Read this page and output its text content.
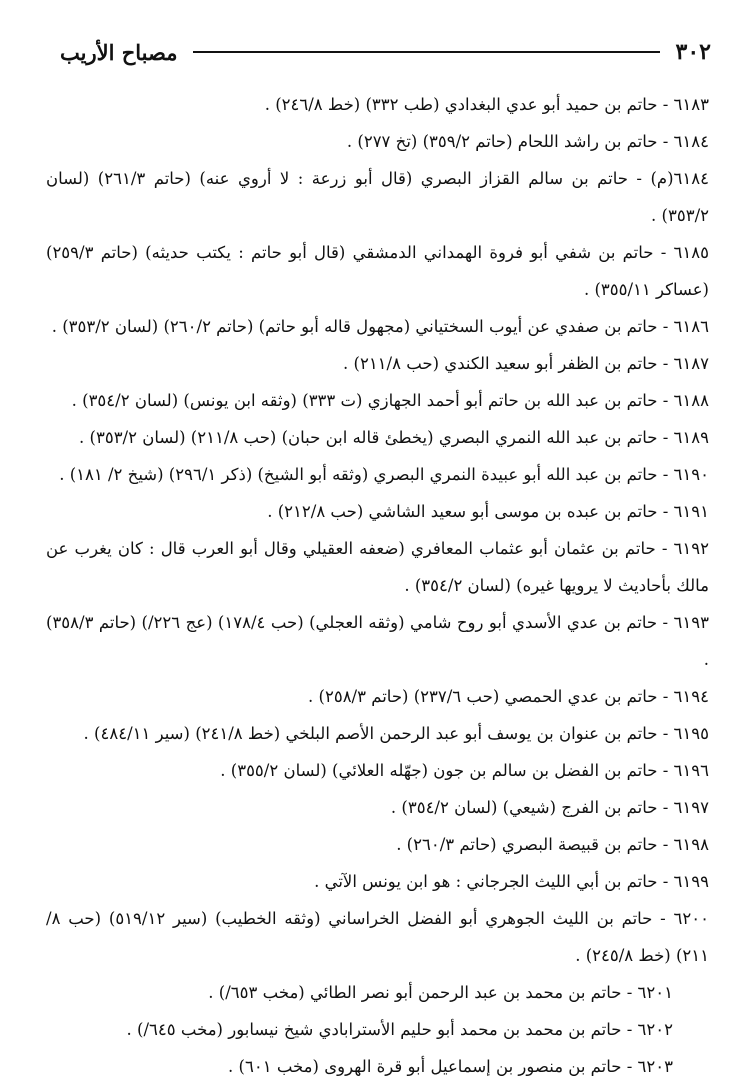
٣٠٢
مصباح الأريب

٦١٨٣ - حاتم بن حميد أبو عدي البغدادي (طب ٣٣٢) (خط ٢٤٦/٨) .

٦١٨٤ - حاتم بن راشد اللحام (حاتم ٣٥٩/٢) (تخ ٢٧٧) .

٦١٨٤(م) - حاتم بن سالم القزاز البصري (قال أبو زرعة : لا أروي عنه) (حاتم ٢٦١/٣) (لسان ٣٥٣/٢) .

٦١٨٥ - حاتم بن شفي أبو فروة الهمداني الدمشقي (قال أبو حاتم : يكتب حديثه) (حاتم ٢٥٩/٣) (عساكر ٣٥٥/١١) .

٦١٨٦ - حاتم بن صفدي عن أيوب السختياني (مجهول قاله أبو حاتم) (حاتم ٢٦٠/٢) (لسان ٣٥٣/٢) .

٦١٨٧ - حاتم بن الظفر أبو سعيد الكندي (حب ٢١١/٨) .

٦١٨٨ - حاتم بن عبد الله بن حاتم أبو أحمد الجهازي (ت ٣٣٣) (وثقه ابن يونس) (لسان ٣٥٤/٢) .

٦١٨٩ - حاتم بن عبد الله النمري البصري (يخطئ قاله ابن حبان) (حب ٢١١/٨) (لسان ٣٥٣/٢) .

٦١٩٠ - حاتم بن عبد الله أبو عبيدة النمري البصري (وثقه أبو الشيخ) (ذكر ٢٩٦/١) (شيخ ٢/ ١٨١) .

٦١٩١ - حاتم بن عبده بن موسى أبو سعيد الشاشي (حب ٢١٢/٨) .

٦١٩٢ - حاتم بن عثمان أبو عثماب المعافري (ضعفه العقيلي وقال أبو العرب قال : كان يغرب عن مالك بأحاديث لا يرويها غيره) (لسان ٣٥٤/٢) .

٦١٩٣ - حاتم بن عدي الأسدي أبو روح شامي (وثقه العجلي) (حب ١٧٨/٤) (عج ٢٢٦/) (حاتم ٣٥٨/٣) .

٦١٩٤ - حاتم بن عدي الحمصي (حب ٢٣٧/٦) (حاتم ٢٥٨/٣) .

٦١٩٥ - حاتم بن عنوان بن يوسف أبو عبد الرحمن الأصم البلخي (خط ٢٤١/٨) (سير ٤٨٤/١١) .

٦١٩٦ - حاتم بن الفضل بن سالم بن جون (جهّله العلائي) (لسان ٣٥٥/٢) .

٦١٩٧ - حاتم بن الفرج (شيعي) (لسان ٣٥٤/٢) .

٦١٩٨ - حاتم بن قبيصة البصري (حاتم ٢٦٠/٣) .

٦١٩٩ - حاتم بن أبي الليث الجرجاني : هو ابن يونس الآتي .

٦٢٠٠ - حاتم بن الليث الجوهري أبو الفضل الخراساني (وثقه الخطيب) (سير ٥١٩/١٢) (حب ٨/ ٢١١) (خط ٢٤٥/٨) .

٦٢٠١ - حاتم بن محمد بن عبد الرحمن أبو نصر الطائي (مخب ٦٥٣/) .

٦٢٠٢ - حاتم بن محمد بن محمد أبو حليم الأسترابادي شيخ نيسابور (مخب ٦٤٥/) .

٦٢٠٣ - حاتم بن منصور بن إسماعيل أبو قرة الهروى (مخب ٦٠١) .
